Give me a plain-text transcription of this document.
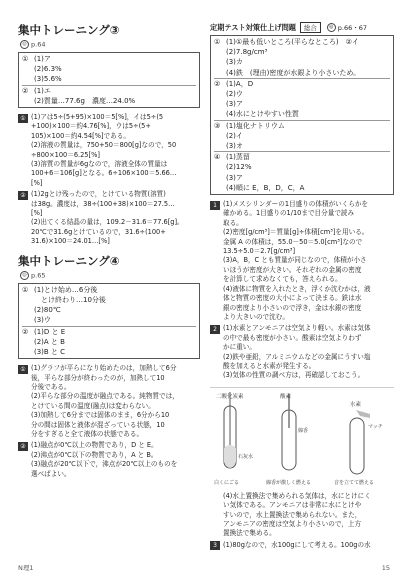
集中トレーニング③
◎ p.64
① (1)ア
(2)6.3%
(3)5.6%
② (1)エ
(2)質量…77.6g　濃度…24.0%
① (1)アは5÷(5+95)×100＝5[%]，イは5÷(5
+100)×100＝約4.76[%]，ウは5÷(5+
105)×100＝約4.54[%]である。
(2)溶液の質量は，750+50＝800[g]なので，50
÷800×100＝6.25[%]
(3)溶質の質量が6gなので，溶液全体の質量は
100+6＝106[g]となる。6÷106×100＝5.66…
[%]
② (1)2gとけ残ったので，とけている物質(溶質)
は38g。濃度は，38÷(100+38)×100＝27.5…
[%]
(2)出てくる結晶の量は，109.2－31.6＝77.6[g]。
20℃で31.6gとけているので，31.6÷(100+
31.6)×100＝24.01…[%]
集中トレーニング④
◎ p.65
① (1)とけ始め…6分後
　とけ終わり…10分後
(2)80℃
(3)ウ
② (1)D と E
(2)A と B
(3)B と C
① (1)グラフが平らになり始めたのは，加熱して6分
後，平らな部分が終わったのが，加熱して10
分後である。
(2)平らな部分の温度が融点である。純物質では，
とけている間の温度(融点)は変わらない。
(3)加熱して6分までは固体のまま，6分から10
分の間は固体と液体が混ざっている状態，10
分をすぎると全て液体の状態である。
② (1)融点が0℃以上の物質であり，D と E。
(2)沸点が0℃以下の物質であり，A と B。
(3)融点が20℃以下で，沸点が20℃以上のものを
選べばよい。
定期テスト対策仕上げ問題	総合	◎ p.66・67
① (1)①最も低いところ(平らなところ)　②イ
(2)7.8g/cm³
(3)カ
(4)鉄　(理由)密度が水銀より小さいため。
② (1)A，D
(2)ウ
(3)ア
(4)水にとけやすい性質
③ (1)塩化ナトリウム
(2)イ
(3)オ
④ (1)蒸留
(2)12%
(3)ア
(4)順に E，B，D，C，A
1 (1)メスシリンダーの1目盛りの体積がいくらかを
確かめる。1目盛りの1/10まで目分量で読み
取る。
(2)密度[g/cm³]＝質量[g]÷体積[cm³]を用いる。
金属 A の体積は，55.0－50＝5.0[cm³]なので
13.5÷5.0＝2.7[g/cm³]
(3)A，B，C とも質量が同じなので，体積が小さ
いほうが密度が大きい。それぞれの金属の密度
を計算して求めなくても，答えられる。
(4)液体に物質を入れたとき，浮くか沈むかは，液
体と物質の密度の大小によって決まる。鉄は水
銀の密度より小さいので浮き，金は水銀の密度
より大きいので沈む。
2 (1)水素とアンモニアは空気より軽い。水素は気体
の中で最も密度が小さい。酸素は空気よりわず
かに重い。
(2)鉄や亜鉛，アルミニウムなどの金属にうすい塩
酸を加えると水素が発生する。
(3)気体の性質の調べ方は，再確認しておこう。
二酸化炭素	酸素
水素
石灰水
線香
マッチ
白くにごる	線香が激しく燃える	音を立てて燃える
(4)水上置換法で集められる気体は，水にとけにく
い気体である。アンモニアは非常に水にとけや
すいので，水上置換法で集められない。また，
アンモニアの密度は空気より小さいので，上方
置換法で集める。
3 (1)80gなので，水100gにして考える。100gの水
N理1	15
